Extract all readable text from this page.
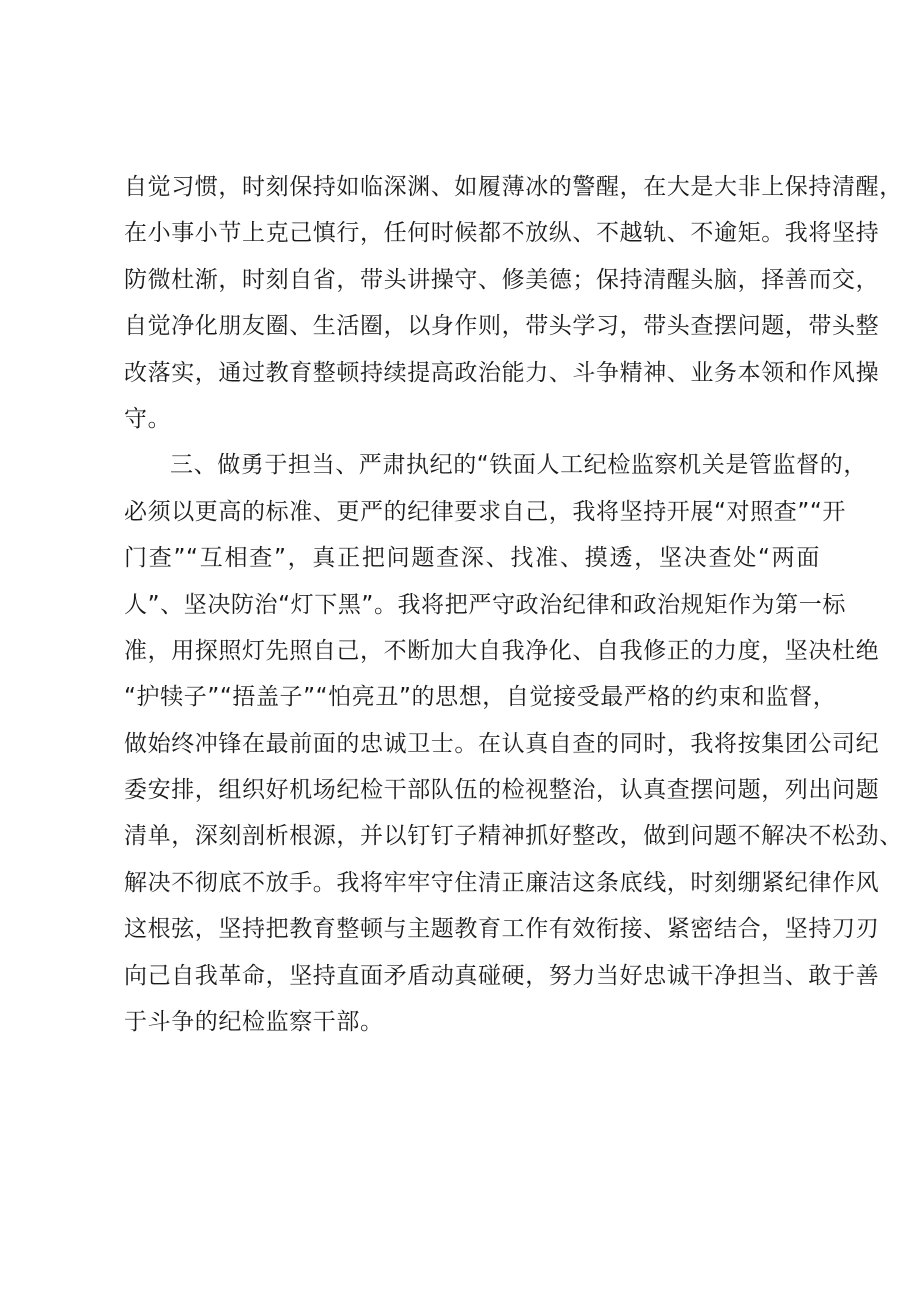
自觉习惯，时刻保持如临深渊、如履薄冰的警醒，在大是大非上保持清醒，
在小事小节上克己慎行，任何时候都不放纵、不越轨、不逾矩。我将坚持
防微杜渐，时刻自省，带头讲操守、修美德；保持清醒头脑，择善而交，
自觉净化朋友圈、生活圈，以身作则，带头学习，带头查摆问题，带头整
改落实，通过教育整顿持续提高政治能力、斗争精神、业务本领和作风操
守。
三、做勇于担当、严肃执纪的“铁面人工纪检监察机关是管监督的，
必须以更高的标准、更严的纪律要求自己，我将坚持开展“对照查”“开
门查”“互相查”，真正把问题查深、找准、摸透，坚决查处“两面
人”、坚决防治“灯下黑”。我将把严守政治纪律和政治规矩作为第一标
准，用探照灯先照自己，不断加大自我净化、自我修正的力度，坚决杜绝
“护犊子”“捂盖子”“怕亮丑”的思想，自觉接受最严格的约束和监督，
做始终冲锋在最前面的忠诚卫士。在认真自查的同时，我将按集团公司纪
委安排，组织好机场纪检干部队伍的检视整治，认真查摆问题，列出问题
清单，深刻剖析根源，并以钉钉子精神抓好整改，做到问题不解决不松劲、
解决不彻底不放手。我将牢牢守住清正廉洁这条底线，时刻绷紧纪律作风
这根弦，坚持把教育整顿与主题教育工作有效衔接、紧密结合，坚持刀刃
向己自我革命，坚持直面矛盾动真碰硬，努力当好忠诚干净担当、敢于善
于斗争的纪检监察干部。
